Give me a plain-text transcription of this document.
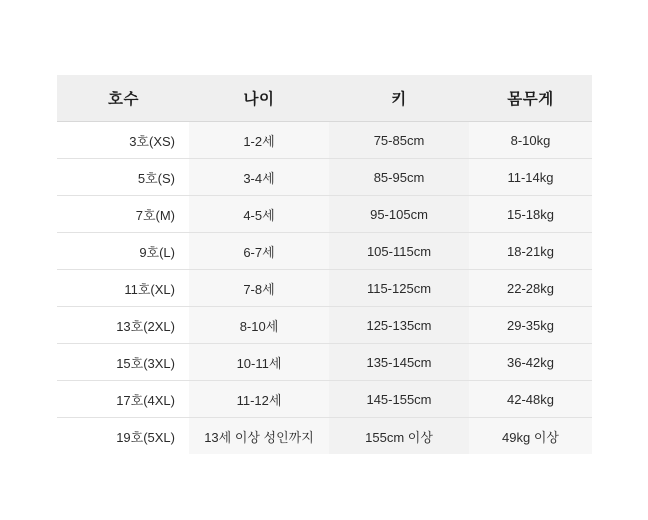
호수	나이	키	몸무게
3호(XS)	1-2세	75-85cm	8-10kg
5호(S)	3-4세	85-95cm	11-14kg
7호(M)	4-5세	95-105cm	15-18kg
9호(L)	6-7세	105-115cm	18-21kg
11호(XL)	7-8세	115-125cm	22-28kg
13호(2XL)	8-10세	125-135cm	29-35kg
15호(3XL)	10-11세	135-145cm	36-42kg
17호(4XL)	11-12세	145-155cm	42-48kg
19호(5XL)	13세 이상 성인까지	155cm 이상	49kg 이상
